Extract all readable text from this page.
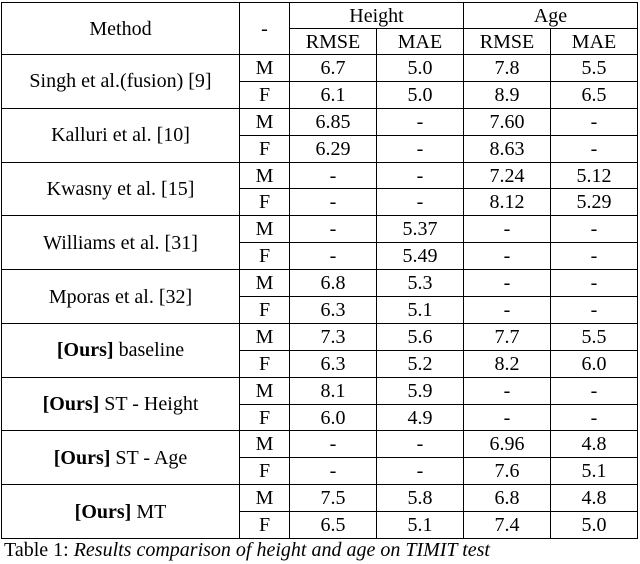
Method	-	Height		Age	
		RMSE	MAE	RMSE	MAE
Singh et al.(fusion) [9]	M	6.7	5.0	7.8	5.5
	F	6.1	5.0	8.9	6.5
Kalluri et al. [10]	M	6.85	-	7.60	-
	F	6.29	-	8.63	-
Kwasny et al. [15]	M	-	-	7.24	5.12
	F	-	-	8.12	5.29
Williams et al. [31]	M	-	5.37	-	-
	F	-	5.49	-	-
Mporas et al. [32]	M	6.8	5.3	-	-
	F	6.3	5.1	-	-
[Ours] baseline	M	7.3	5.6	7.7	5.5
	F	6.3	5.2	8.2	6.0
[Ours] ST - Height	M	8.1	5.9	-	-
	F	6.0	4.9	-	-
[Ours] ST - Age	M	-	-	6.96	4.8
	F	-	-	7.6	5.1
[Ours] MT	M	7.5	5.8	6.8	4.8
	F	6.5	5.1	7.4	5.0
Table 1: Results comparison of height and age on TIMIT test
